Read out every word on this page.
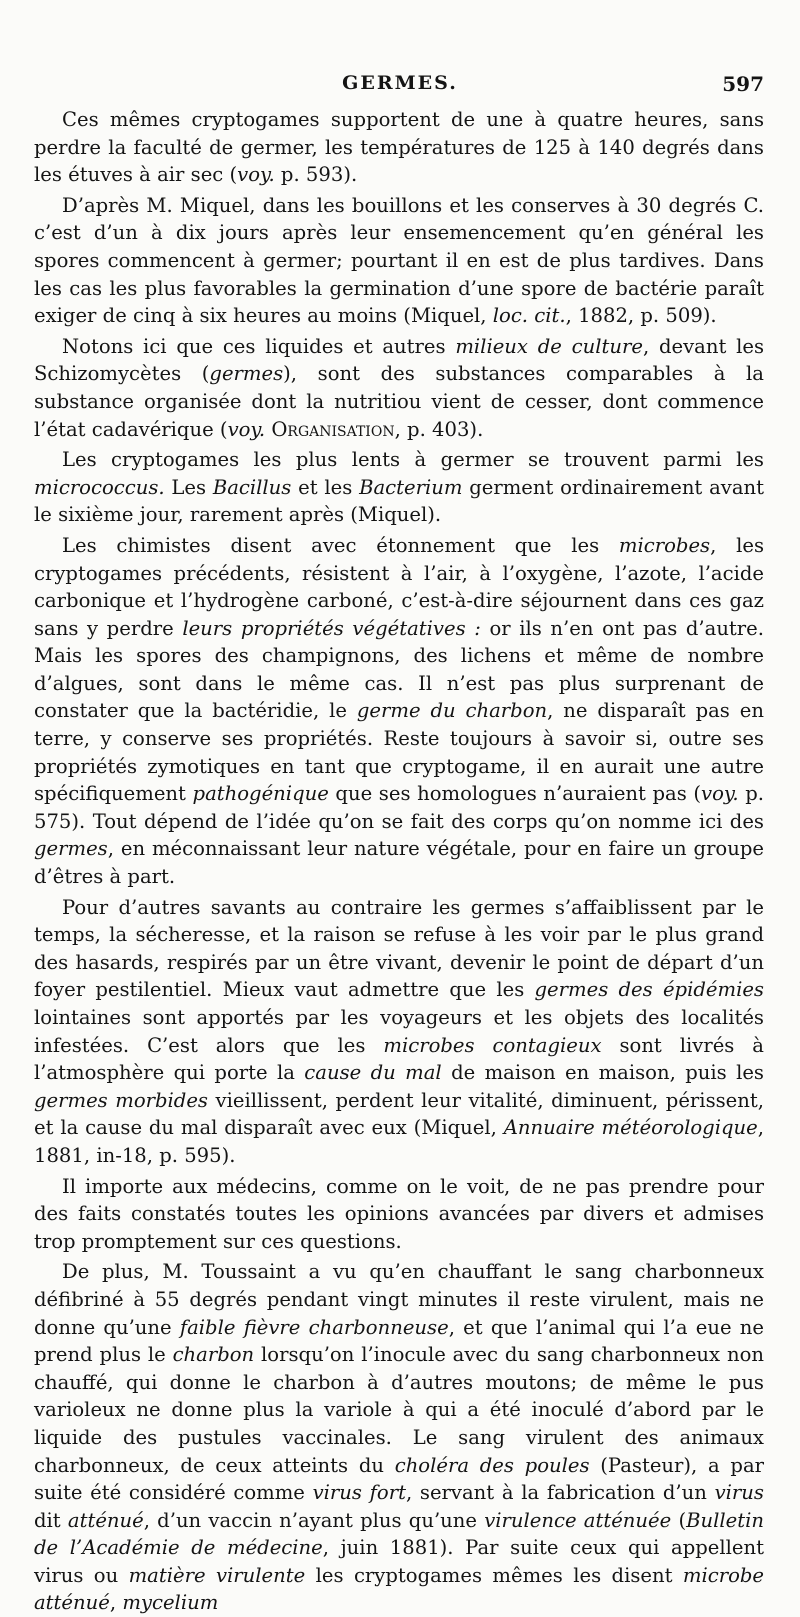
GERMES.	597

Ces mêmes cryptogames supportent de une à quatre heures, sans perdre la faculté de germer, les températures de 125 à 140 degrés dans les étuves à air sec (voy. p. 593).

D’après M. Miquel, dans les bouillons et les conserves à 30 degrés C. c’est d’un à dix jours après leur ensemencement qu’en général les spores commencent à germer; pourtant il en est de plus tardives. Dans les cas les plus favorables la germination d’une spore de bactérie paraît exiger de cinq à six heures au moins (Miquel, loc. cit., 1882, p. 509).

Notons ici que ces liquides et autres milieux de culture, devant les Schizomycètes (germes), sont des substances comparables à la substance organisée dont la nutritiou vient de cesser, dont commence l’état cadavérique (voy. Organisation, p. 403).

Les cryptogames les plus lents à germer se trouvent parmi les micrococcus. Les Bacillus et les Bacterium germent ordinairement avant le sixième jour, rarement après (Miquel).

Les chimistes disent avec étonnement que les microbes, les cryptogames précédents, résistent à l’air, à l’oxygène, l’azote, l’acide carbonique et l’hydrogène carboné, c’est-à-dire séjournent dans ces gaz sans y perdre leurs propriétés végétatives : or ils n’en ont pas d’autre. Mais les spores des champignons, des lichens et même de nombre d’algues, sont dans le même cas. Il n’est pas plus surprenant de constater que la bactéridie, le germe du charbon, ne disparaît pas en terre, y conserve ses propriétés. Reste toujours à savoir si, outre ses propriétés zymotiques en tant que cryptogame, il en aurait une autre spécifiquement pathogénique que ses homologues n’auraient pas (voy. p. 575). Tout dépend de l’idée qu’on se fait des corps qu’on nomme ici des germes, en méconnaissant leur nature végétale, pour en faire un groupe d’êtres à part.

Pour d’autres savants au contraire les germes s’affaiblissent par le temps, la sécheresse, et la raison se refuse à les voir par le plus grand des hasards, respirés par un être vivant, devenir le point de départ d’un foyer pestilentiel. Mieux vaut admettre que les germes des épidémies lointaines sont apportés par les voyageurs et les objets des localités infestées. C’est alors que les microbes contagieux sont livrés à l’atmosphère qui porte la cause du mal de maison en maison, puis les germes morbides vieillissent, perdent leur vitalité, diminuent, périssent, et la cause du mal disparaît avec eux (Miquel, Annuaire météorologique, 1881, in-18, p. 595).

Il importe aux médecins, comme on le voit, de ne pas prendre pour des faits constatés toutes les opinions avancées par divers et admises trop promptement sur ces questions.

De plus, M. Toussaint a vu qu’en chauffant le sang charbonneux défibriné à 55 degrés pendant vingt minutes il reste virulent, mais ne donne qu’une faible fièvre charbonneuse, et que l’animal qui l’a eue ne prend plus le charbon lorsqu’on l’inocule avec du sang charbonneux non chauffé, qui donne le charbon à d’autres moutons; de même le pus varioleux ne donne plus la variole à qui a été inoculé d’abord par le liquide des pustules vaccinales. Le sang virulent des animaux charbonneux, de ceux atteints du choléra des poules (Pasteur), a par suite été considéré comme virus fort, servant à la fabrication d’un virus dit atténué, d’un vaccin n’ayant plus qu’une virulence atténuée (Bulletin de l’Académie de médecine, juin 1881). Par suite ceux qui appellent virus ou matière virulente les cryptogames mêmes les disent microbe atténué, mycelium
